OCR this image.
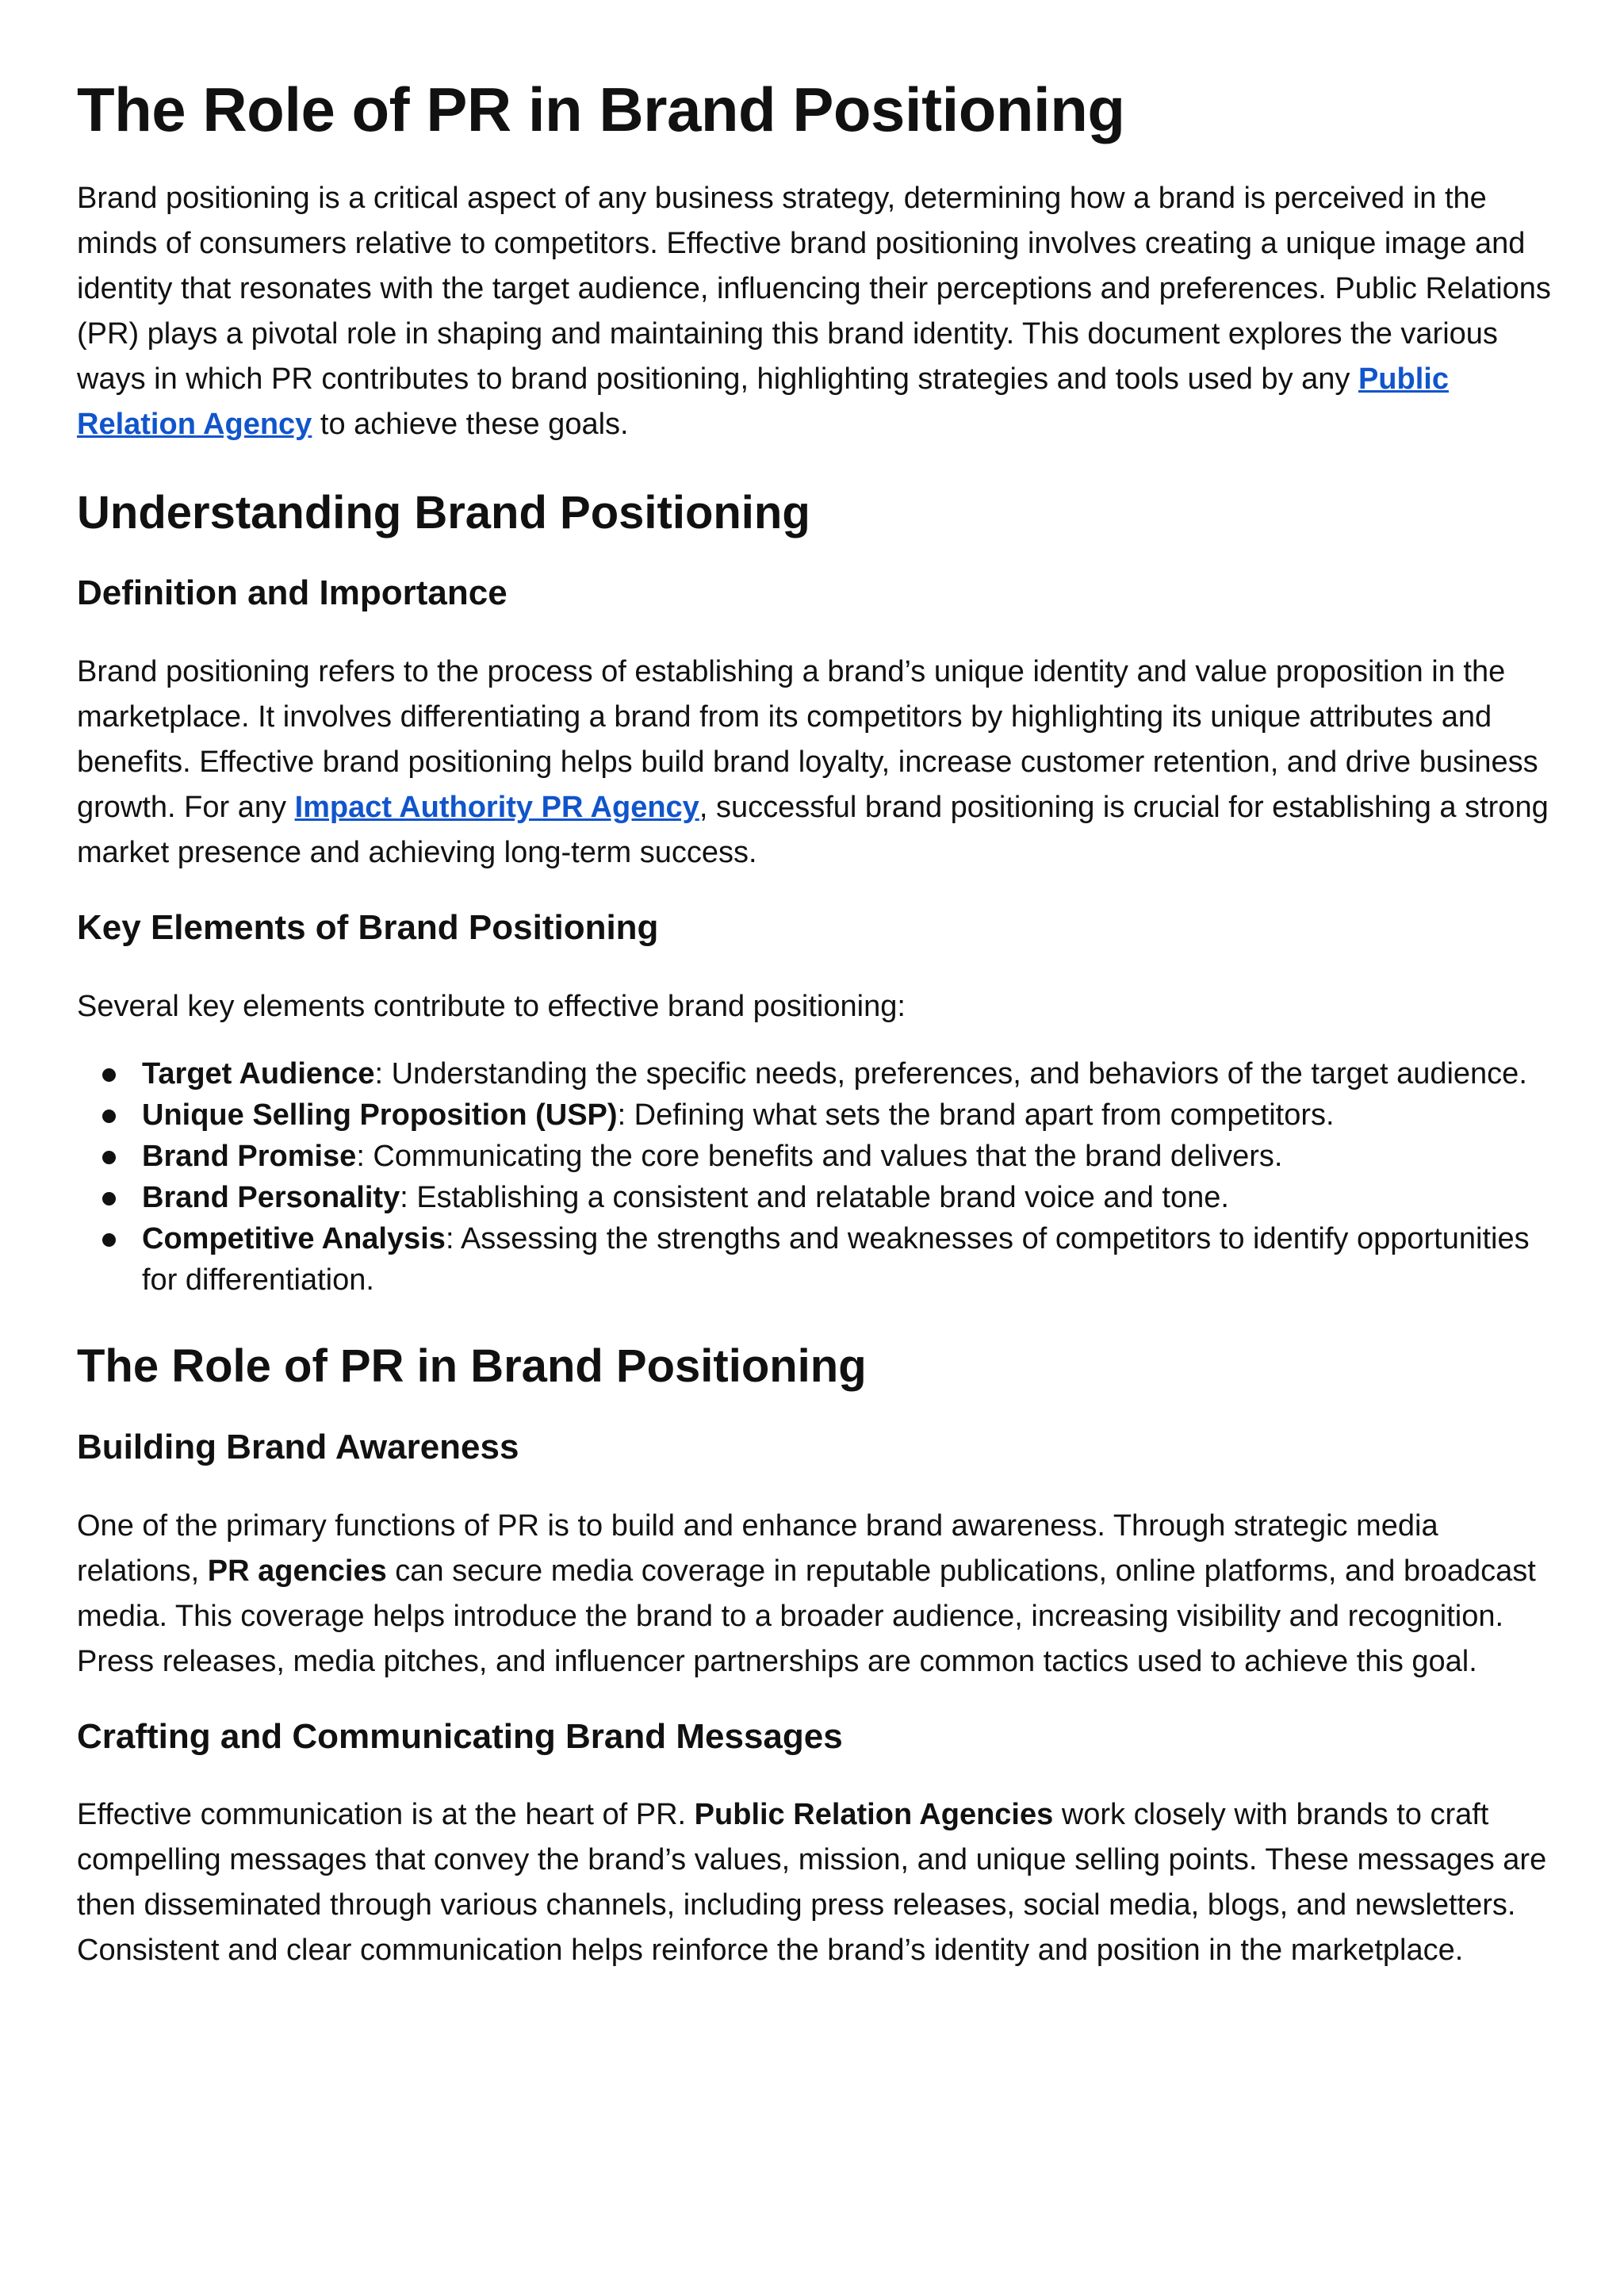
The Role of PR in Brand Positioning

Brand positioning is a critical aspect of any business strategy, determining how a brand is perceived in the minds of consumers relative to competitors. Effective brand positioning involves creating a unique image and identity that resonates with the target audience, influencing their perceptions and preferences. Public Relations (PR) plays a pivotal role in shaping and maintaining this brand identity. This document explores the various ways in which PR contributes to brand positioning, highlighting strategies and tools used by any Public Relation Agency to achieve these goals.

Understanding Brand Positioning
Definition and Importance

Brand positioning refers to the process of establishing a brand’s unique identity and value proposition in the marketplace. It involves differentiating a brand from its competitors by highlighting its unique attributes and benefits. Effective brand positioning helps build brand loyalty, increase customer retention, and drive business growth. For any Impact Authority PR Agency, successful brand positioning is crucial for establishing a strong market presence and achieving long-term success.

Key Elements of Brand Positioning

Several key elements contribute to effective brand positioning:

Target Audience: Understanding the specific needs, preferences, and behaviors of the target audience.
Unique Selling Proposition (USP): Defining what sets the brand apart from competitors.
Brand Promise: Communicating the core benefits and values that the brand delivers.
Brand Personality: Establishing a consistent and relatable brand voice and tone.
Competitive Analysis: Assessing the strengths and weaknesses of competitors to identify opportunities for differentiation.
The Role of PR in Brand Positioning
Building Brand Awareness

One of the primary functions of PR is to build and enhance brand awareness. Through strategic media relations, PR agencies can secure media coverage in reputable publications, online platforms, and broadcast media. This coverage helps introduce the brand to a broader audience, increasing visibility and recognition. Press releases, media pitches, and influencer partnerships are common tactics used to achieve this goal.

Crafting and Communicating Brand Messages

Effective communication is at the heart of PR. Public Relation Agencies work closely with brands to craft compelling messages that convey the brand’s values, mission, and unique selling points. These messages are then disseminated through various channels, including press releases, social media, blogs, and newsletters. Consistent and clear communication helps reinforce the brand’s identity and position in the marketplace.
